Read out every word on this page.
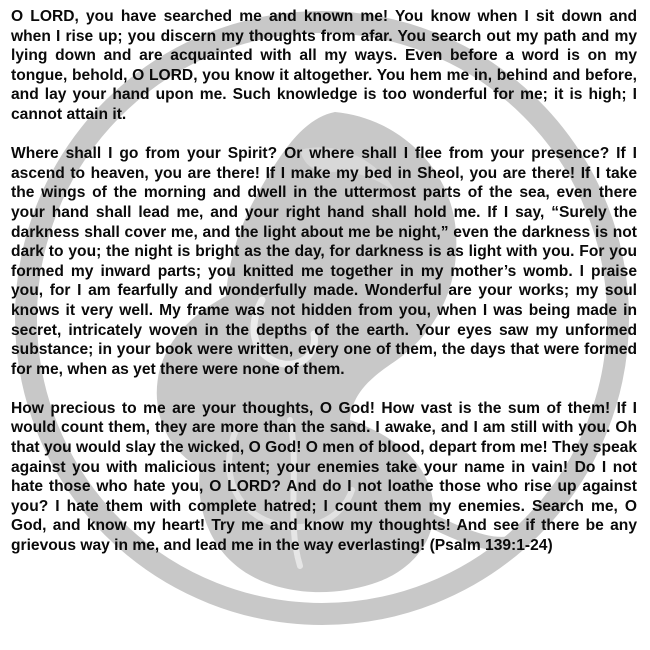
O LORD, you have searched me and known me! You know when I sit down and when I rise up; you discern my thoughts from afar. You search out my path and my lying down and are acquainted with all my ways. Even before a word is on my tongue, behold, O LORD, you know it altogether. You hem me in, behind and before, and lay your hand upon me. Such knowledge is too wonderful for me; it is high; I cannot attain it.

Where shall I go from your Spirit? Or where shall I flee from your presence? If I ascend to heaven, you are there! If I make my bed in Sheol, you are there! If I take the wings of the morning and dwell in the uttermost parts of the sea, even there your hand shall lead me, and your right hand shall hold me. If I say, “Surely the darkness shall cover me, and the light about me be night,” even the darkness is not dark to you; the night is bright as the day, for darkness is as light with you. For you formed my inward parts; you knitted me together in my mother’s womb. I praise you, for I am fearfully and wonderfully made. Wonderful are your works; my soul knows it very well. My frame was not hidden from you, when I was being made in secret, intricately woven in the depths of the earth. Your eyes saw my unformed substance; in your book were written, every one of them, the days that were formed for me, when as yet there were none of them.

How precious to me are your thoughts, O God! How vast is the sum of them! If I would count them, they are more than the sand. I awake, and I am still with you. Oh that you would slay the wicked, O God! O men of blood, depart from me! They speak against you with malicious intent; your enemies take your name in vain! Do I not hate those who hate you, O LORD? And do I not loathe those who rise up against you? I hate them with complete hatred; I count them my enemies. Search me, O God, and know my heart! Try me and know my thoughts! And see if there be any grievous way in me, and lead me in the way everlasting! (Psalm 139:1-24)
